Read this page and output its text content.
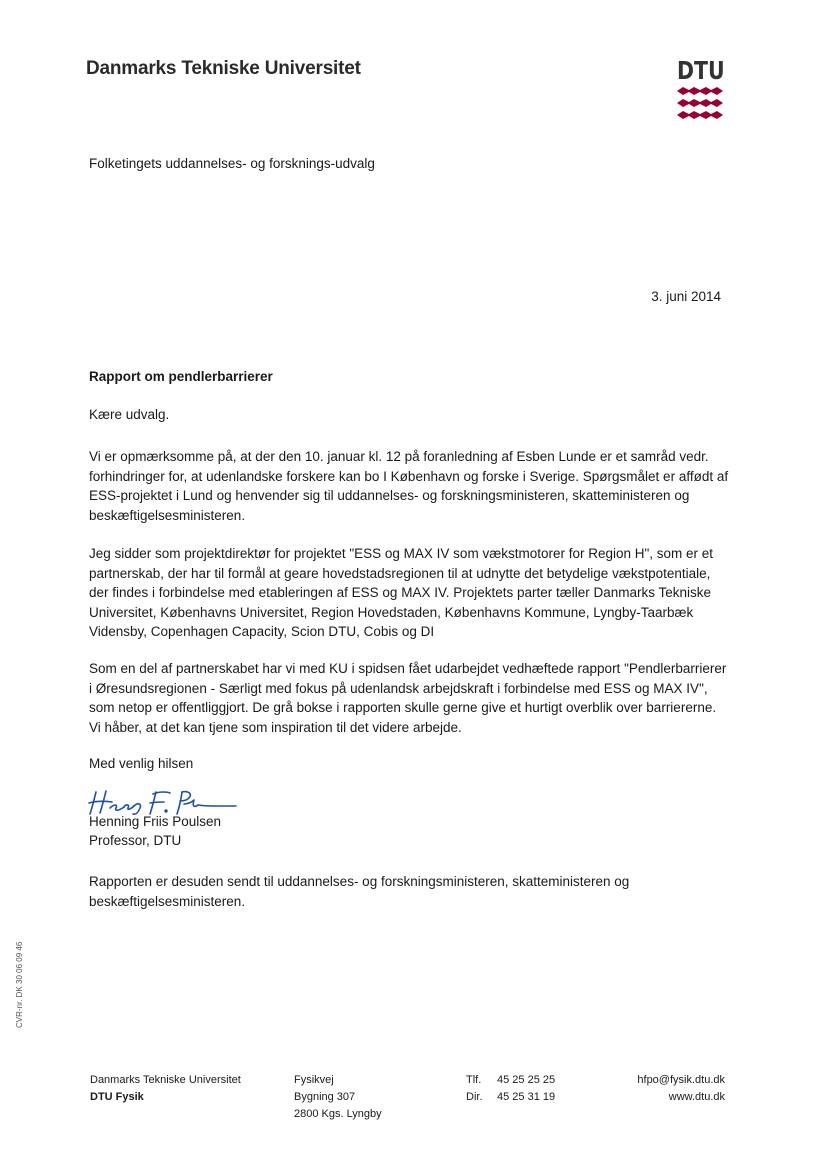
Danmarks Tekniske Universitet	DTU
Folketingets uddannelses- og forsknings-udvalg
3. juni 2014
Rapport om pendlerbarrierer
Kære udvalg.
Vi er opmærksomme på, at der den 10. januar kl. 12 på foranledning af Esben Lunde er et samråd vedr. forhindringer for, at udenlandske forskere kan bo I København og forske i Sverige. Spørgsmålet er affødt af ESS-projektet i Lund og henvender sig til uddannelses- og forskningsministeren, skatteministeren og beskæftigelsesministeren.
Jeg sidder som projektdirektør for projektet "ESS og MAX IV som vækstmotorer for Region H", som er et partnerskab, der har til formål at geare hovedstadsregionen til at udnytte det betydelige vækstpotentiale, der findes i forbindelse med etableringen af ESS og MAX IV. Projektets parter tæller Danmarks Tekniske Universitet, Københavns Universitet, Region Hovedstaden, Københavns Kommune, Lyngby-Taarbæk Vidensby, Copenhagen Capacity, Scion DTU, Cobis og DI
Som en del af partnerskabet har vi med KU i spidsen fået udarbejdet vedhæftede rapport "Pendlerbarrierer i Øresundsregionen - Særligt med fokus på udenlandsk arbejdskraft i forbindelse med ESS og MAX IV", som netop er offentliggjort. De grå bokse i rapporten skulle gerne give et hurtigt overblik over barriererne. Vi håber, at det kan tjene som inspiration til det videre arbejde.
Med venlig hilsen
Henning Friis Poulsen
Professor, DTU
Rapporten er desuden sendt til uddannelses- og forskningsministeren, skatteministeren og beskæftigelsesministeren.
CVR-nr. DK 30 06 09 46
Danmarks Tekniske Universitet
DTU Fysik
Fysikvej
Bygning 307
2800 Kgs. Lyngby
Tlf. 45 25 25 25
Dir. 45 25 31 19
hfpo@fysik.dtu.dk
www.dtu.dk
